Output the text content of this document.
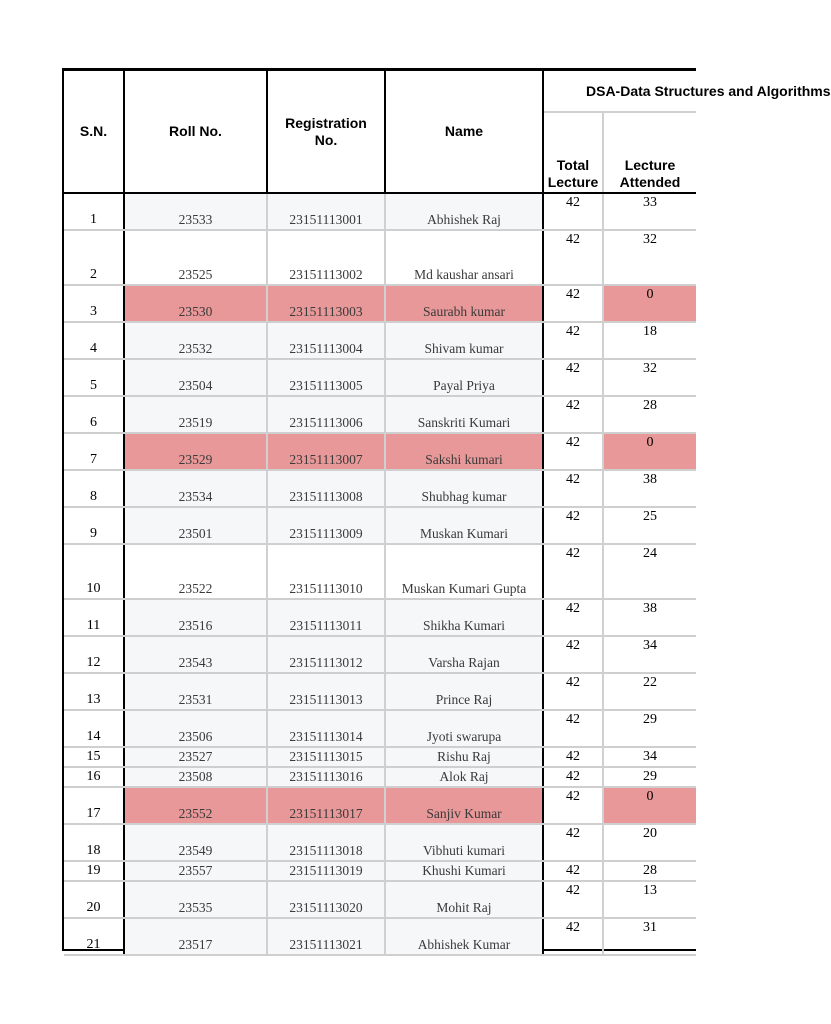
S.N.	Roll No.	Registration No.	Name	DSA-Data Structures and Algorithms	
				Total Lecture	Lecture Attended
1	23533	23151113001	Abhishek Raj	42	33
2	23525	23151113002	Md kaushar ansari	42	32
3	23530	23151113003	Saurabh kumar	42	0
4	23532	23151113004	Shivam kumar	42	18
5	23504	23151113005	Payal Priya	42	32
6	23519	23151113006	Sanskriti Kumari	42	28
7	23529	23151113007	Sakshi kumari	42	0
8	23534	23151113008	Shubhag kumar	42	38
9	23501	23151113009	Muskan Kumari	42	25
10	23522	23151113010	Muskan Kumari Gupta	42	24
11	23516	23151113011	Shikha Kumari	42	38
12	23543	23151113012	Varsha Rajan	42	34
13	23531	23151113013	Prince Raj	42	22
14	23506	23151113014	Jyoti swarupa	42	29
15	23527	23151113015	Rishu Raj	42	34
16	23508	23151113016	Alok Raj	42	29
17	23552	23151113017	Sanjiv Kumar	42	0
18	23549	23151113018	Vibhuti kumari	42	20
19	23557	23151113019	Khushi Kumari	42	28
20	23535	23151113020	Mohit Raj	42	13
21	23517	23151113021	Abhishek Kumar	42	31
